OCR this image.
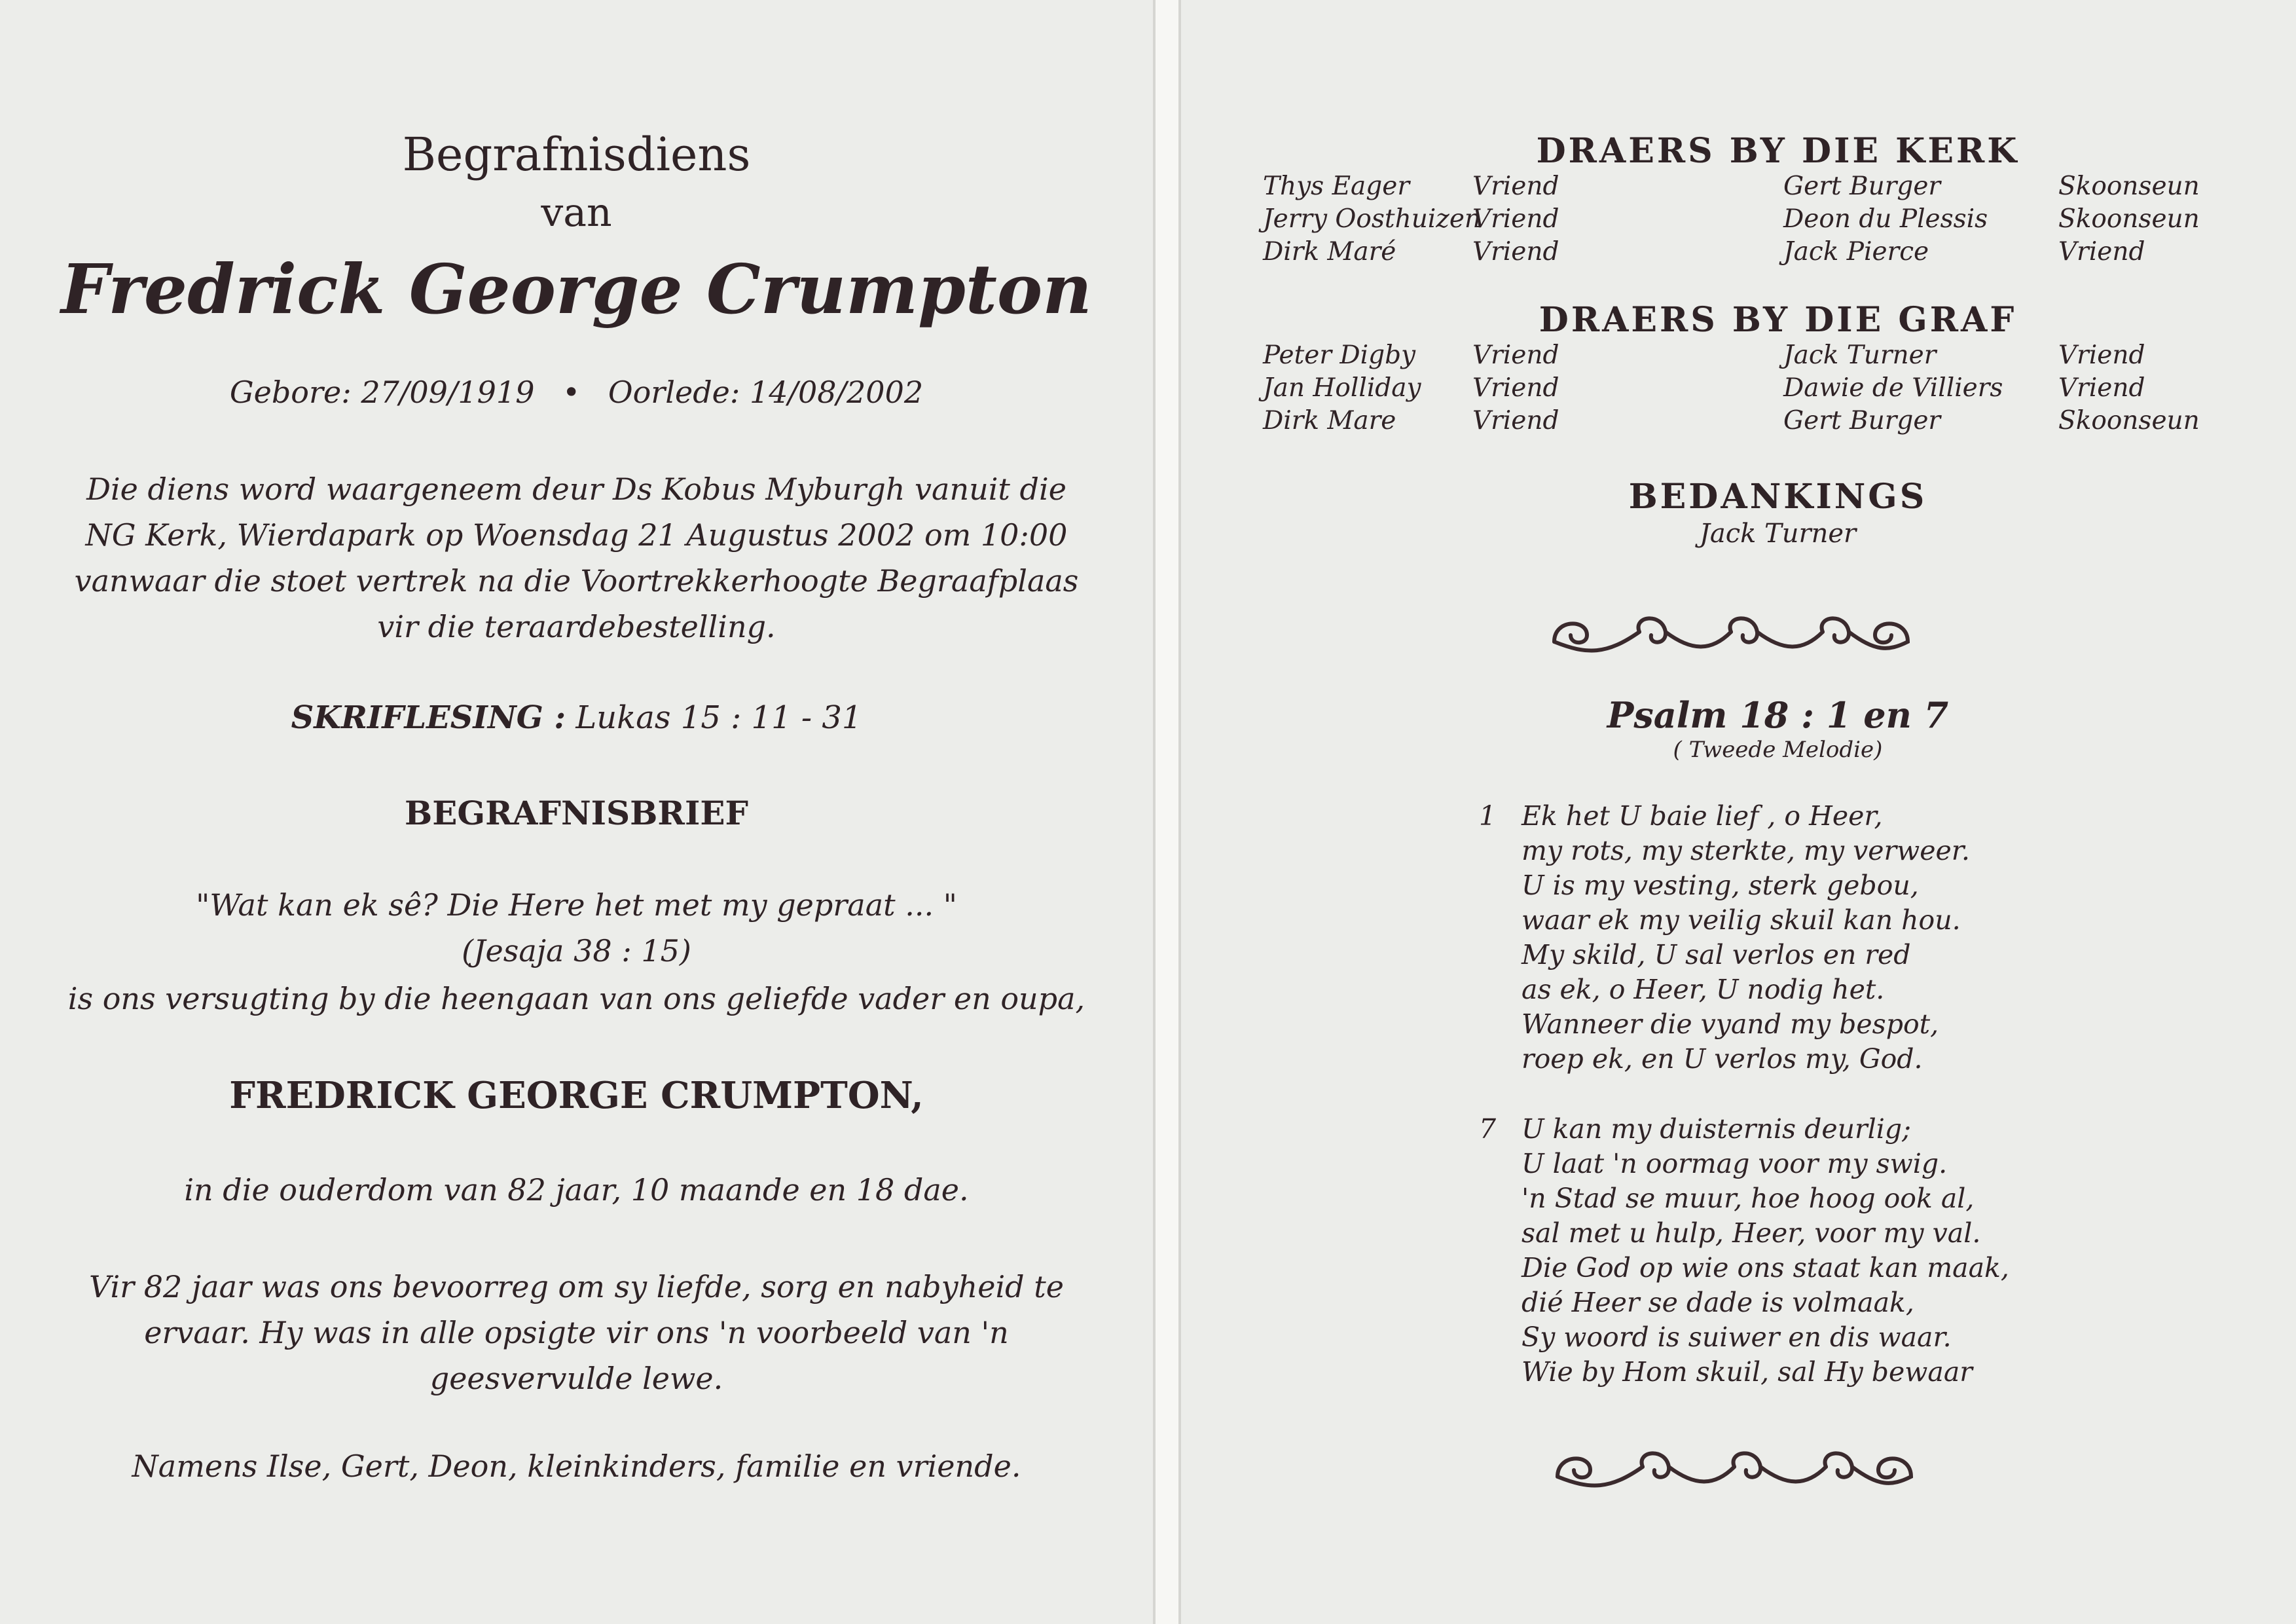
Begrafnisdiens
van
Fredrick George Crumpton
Gebore: 27/09/1919 • Oorlede: 14/08/2002
Die diens word waargeneem deur Ds Kobus Myburgh vanuit die
NG Kerk, Wierdapark op Woensdag 21 Augustus 2002 om 10:00
vanwaar die stoet vertrek na die Voortrekkerhoogte Begraafplaas
vir die teraardebestelling.
SKRIFLESING : Lukas 15 : 11 - 31
BEGRAFNISBRIEF
"Wat kan ek sê? Die Here het met my gepraat ... "
(Jesaja 38 : 15)
is ons versugting by die heengaan van ons geliefde vader en oupa,
FREDRICK GEORGE CRUMPTON,
in die ouderdom van 82 jaar, 10 maande en 18 dae.
Vir 82 jaar was ons bevoorreg om sy liefde, sorg en nabyheid te
ervaar. Hy was in alle opsigte vir ons 'n voorbeeld van 'n
geesvervulde lewe.
Namens Ilse, Gert, Deon, kleinkinders, familie en vriende.
DRAERS BY DIE KERK
Thys Eager
Jerry Oosthuizen
Dirk Maré
Vriend
Vriend
Vriend
Gert Burger
Deon du Plessis
Jack Pierce
Skoonseun
Skoonseun
Vriend
DRAERS BY DIE GRAF
Peter Digby
Jan Holliday
Dirk Mare
Vriend
Vriend
Vriend
Jack Turner
Dawie de Villiers
Gert Burger
Vriend
Vriend
Skoonseun
BEDANKINGS
Jack Turner
Psalm 18 : 1 en 7
( Tweede Melodie)
1 Ek het U baie lief , o Heer,
my rots, my sterkte, my verweer.
U is my vesting, sterk gebou,
waar ek my veilig skuil kan hou.
My skild, U sal verlos en red
as ek, o Heer, U nodig het.
Wanneer die vyand my bespot,
roep ek, en U verlos my, God.
7 U kan my duisternis deurlig;
U laat 'n oormag voor my swig.
'n Stad se muur, hoe hoog ook al,
sal met u hulp, Heer, voor my val.
Die God op wie ons staat kan maak,
dié Heer se dade is volmaak,
Sy woord is suiwer en dis waar.
Wie by Hom skuil, sal Hy bewaar
